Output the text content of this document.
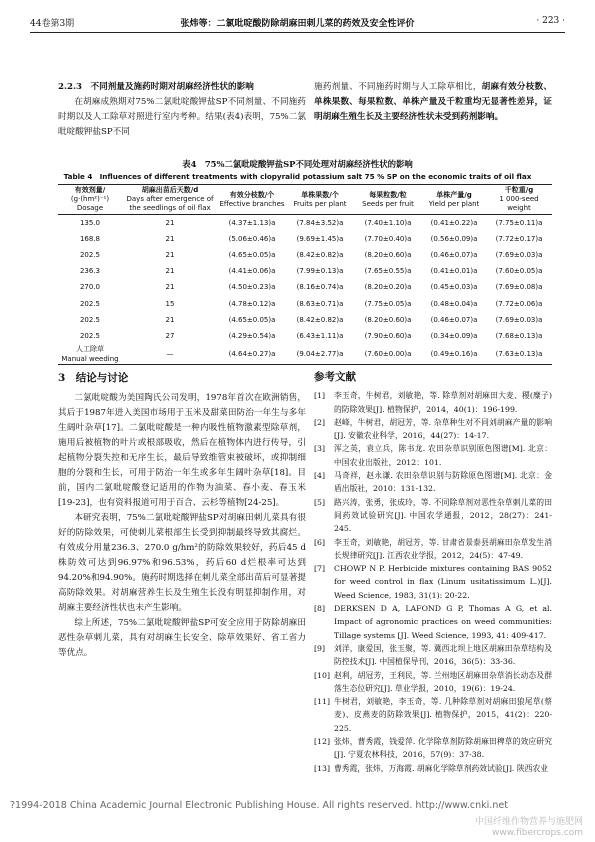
44卷第3期	张炜等：二氯吡啶酸防除胡麻田刺儿菜的药效及安全性评价	· 223 ·

2.2.3　不同剂量及施药时期对胡麻经济性状的影响

在胡麻成熟期对75%二氯吡啶酸钾盐SP不同剂量、不同施药时期以及人工除草对照进行室内考种。结果(表4)表明，75%二氯吡啶酸钾盐SP不同

施药剂量、不同施药时期与人工除草相比，胡麻有效分枝数、单株果数、每果粒数、单株产量及千粒重均无显著性差异，证明胡麻生殖生长及主要经济性状未受到药剂影响。

表4　75%二氯吡啶酸钾盐SP不同处理对胡麻经济性状的影响
Table 4　Influences of different treatments with clopyralid potassium salt 75 % SP on the economic traits of oil flax
有效剂量/
(g·(hm²)⁻¹)
Dosage	胡麻出苗后天数/d
Days after emergence of the seedlings of oil flax	有效分枝数/个
Effective branches	单株果数/个
Fruits per plant	每果粒数/粒
Seeds per fruit	单株产量/g
Yield per plant	千粒重/g
1 000-seed weight
135.0	21	(4.37±1.13)a	(7.84±3.52)a	(7.40±1.10)a	(0.41±0.22)a	(7.75±0.11)a
168.8	21	(5.06±0.46)a	(9.69±1.45)a	(7.70±0.40)a	(0.56±0.09)a	(7.72±0.17)a
202.5	21	(4.65±0.05)a	(8.42±0.82)a	(8.20±0.60)a	(0.46±0.07)a	(7.69±0.03)a
236.3	21	(4.41±0.06)a	(7.99±0.13)a	(7.65±0.55)a	(0.41±0.01)a	(7.60±0.05)a
270.0	21	(4.50±0.23)a	(8.16±0.74)a	(8.20±0.20)a	(0.45±0.03)a	(7.69±0.08)a
202.5	15	(4.78±0.12)a	(8.63±0.71)a	(7.75±0.05)a	(0.48±0.04)a	(7.72±0.06)a
202.5	21	(4.65±0.05)a	(8.42±0.82)a	(8.20±0.60)a	(0.46±0.07)a	(7.69±0.03)a
202.5	27	(4.29±0.54)a	(6.43±1.11)a	(7.90±0.60)a	(0.34±0.09)a	(7.68±0.13)a
人工除草
Manual weeding	—	(4.64±0.27)a	(9.04±2.77)a	(7.60±0.00)a	(0.49±0.16)a	(7.63±0.13)a

3　结论与讨论

二氯吡啶酸为美国陶氏公司发明，1978年首次在欧洲销售，其后于1987年进入美国市场用于玉米及甜菜田防治一年生与多年生阔叶杂草[17]。二氯吡啶酸是一种内吸性植物激素型除草剂，施用后被植物的叶片或根部吸收，然后在植物体内进行传导，引起植物分裂失控和无序生长，最后导致维管束被破坏，或抑制细胞的分裂和生长，可用于防治一年生或多年生阔叶杂草[18]。目前，国内二氯吡啶酸登记适用的作物为油菜、春小麦、春玉米[19-23]，也有资料报道可用于百合、云杉等植物[24-25]。

本研究表明，75%二氯吡啶酸钾盐SP对胡麻田刺儿菜具有很好的防除效果，可使刺儿菜根部生长受到抑制最终导致其腐烂。有效成分用量236.3、270.0 g/hm²的防除效果较好，药后45 d株防效可达到96.97%和96.53%，药后60 d烂根率可达到94.20%和94.90%。施药时期选择在刺儿菜全部出苗后可显著提高防除效果。对胡麻营养生长及生殖生长没有明显抑制作用，对胡麻主要经济性状也未产生影响。

综上所述，75%二氯吡啶酸钾盐SP可安全应用于防除胡麻田恶性杂草刺儿菜，具有对胡麻生长安全、除草效果好、省工省力等优点。

参考文献

[1]	李玉奇，牛树君，刘敏艳，等. 除草剂对胡麻田大麦、稷(糜子)的防除效果[J]. 植物保护，2014，40(1)：196-199.
[2]	赵峰，牛树君，胡冠芳，等. 杂草种生对不同刘胡麻产量的影响[J]. 安徽农业科学，2016，44(27)：14-17.
[3]	浑之英，袁立兵，陈书龙. 农田杂草识别原色图谱[M]. 北京：中国农业出版社，2012：101.
[4]	马奇祥，赵永谦. 农田杂草识别与防除原色图谱[M]. 北京：金盾出版社，2010：131-132.
[5]	路兴涛，张勇，张成玲，等. 不同除草剂对恶性杂草刺儿菜的田间药效试验研究[J]. 中国农学通报，2012，28(27)：241-245.
[6]	李玉奇，刘敏艳，胡冠芳，等. 甘肃省景泰县胡麻田杂草发生消长规律研究[J]. 江西农业学报，2012，24(5)：47-49.
[7]	CHOWP N P. Herbicide mixtures containing BAS 9052 for weed control in flax (Linum usitatissimum L.)[J]. Weed Science, 1983, 31(1): 20-22.
[8]	DERKSEN D A, LAFOND G P, Thomas A G, et al. Impact of agronomic practices on weed communities: Tillage systems [J]. Weed Science, 1993, 41: 409-417.
[9]	刘洋，康爱国，张玉聚，等. 冀西北坝上地区胡麻田杂草结构及防控技术[J]. 中国植保导刊，2016，36(5)：33-36.
[10] 赵利，胡冠芳，王利民，等. 兰州地区胡麻田杂草消长动态及群落生态位研究[J]. 草业学报，2010，19(6)：19-24.
[11] 牛树君，刘敏艳，李玉奇，等. 几种除草剂对胡麻田狼尾草(蔡麦)、皮燕麦的防除效果[J]. 植物保护，2015，41(2)：220-225.
[12] 张炜，曹秀霞，钱爱萍. 化学除草剂防除胡麻田稗草的效应研究[J]. 宁夏农林科技，2016，57(9)：37-38.
[13] 曹秀霞，张炜，万海霞. 胡麻化学除草剂药效试验[J]. 陕西农业
?1994-2018 China Academic Journal Electronic Publishing House. All rights reserved. http://www.cnki.net
中国纤维作物营养与施肥网
www.fibercrops.com
